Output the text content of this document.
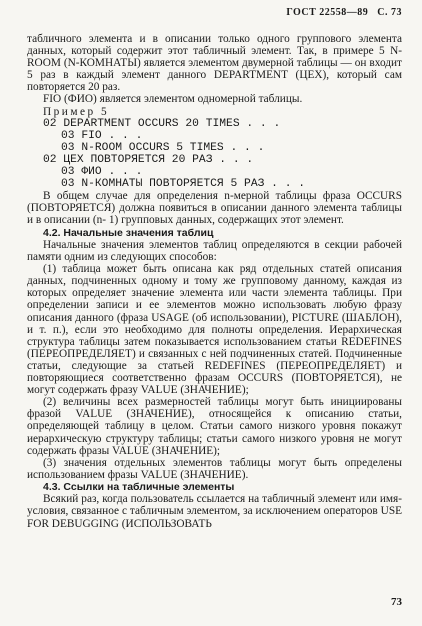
ГОСТ 22558—89 С. 73

табличного элемента и в описании только одного группового элемента данных, который содержит этот табличный элемент. Так, в примере 5 N-ROOM (N-КОМНАТЫ) является элементом двумерной таблицы — он входит 5 раз в каждый элемент данного DEPARTMENT (ЦЕХ), который сам повторяется 20 раз.

FIO (ФИО) является элементом одномерной таблицы.

Пример 5

02 DEPARTMENT OCCURS 20 TIMES . . .

03 FIO . . .

03 N-ROOM OCCURS 5 TIMES . . .

02 ЦЕХ ПОВТОРЯЕТСЯ 20 РАЗ . . .

03 ФИО . . .

03 N-КОМНАТЫ ПОВТОРЯЕТСЯ 5 РАЗ . . .

В общем случае для определения n-мерной таблицы фраза OCCURS (ПОВТОРЯЕТСЯ) должна появиться в описании данного элемента таблицы и в описании (n- 1) групповых данных, содержащих этот элемент.

4.2. Начальные значения таблиц

Начальные значения элементов таблиц определяются в секции рабочей памяти одним из следующих способов:

(1) таблица может быть описана как ряд отдельных статей описания данных, подчиненных одному и тому же групповому данному, каждая из которых определяет значение элемента или части элемента таблицы. При определении записи и ее элементов можно использовать любую фразу описания данного (фраза USAGE (об использовании), PICTURE (ШАБЛОН), и т. п.), если это необходимо для полноты определения. Иерархическая структура таблицы затем показывается использованием статьи REDEFINES (ПЕРЕОПРЕДЕЛЯЕТ) и связанных с ней подчиненных статей. Подчиненные статьи, следующие за статьей REDEFINES (ПЕРЕОПРЕДЕЛЯЕТ) и повторяющиеся соответственно фразам OCCURS (ПОВТОРЯЕТСЯ), не могут содержать фразу VALUE (ЗНАЧЕНИЕ);

(2) величины всех размерностей таблицы могут быть инициированы фразой VALUE (ЗНАЧЕНИЕ), относящейся к описанию статьи, определяющей таблицу в целом. Статьи самого низкого уровня покажут иерархическую структуру таблицы; статьи самого низкого уровня не могут содержать фразы VALUE (ЗНАЧЕНИЕ);

(3) значения отдельных элементов таблицы могут быть определены использованием фразы VALUE (ЗНАЧЕНИЕ).

4.3. Ссылки на табличные элементы

Всякий раз, когда пользователь ссылается на табличный элемент или имя-условия, связанное с табличным элементом, за исключением операторов USE FOR DEBUGGING (ИСПОЛЬЗОВАТЬ

73
